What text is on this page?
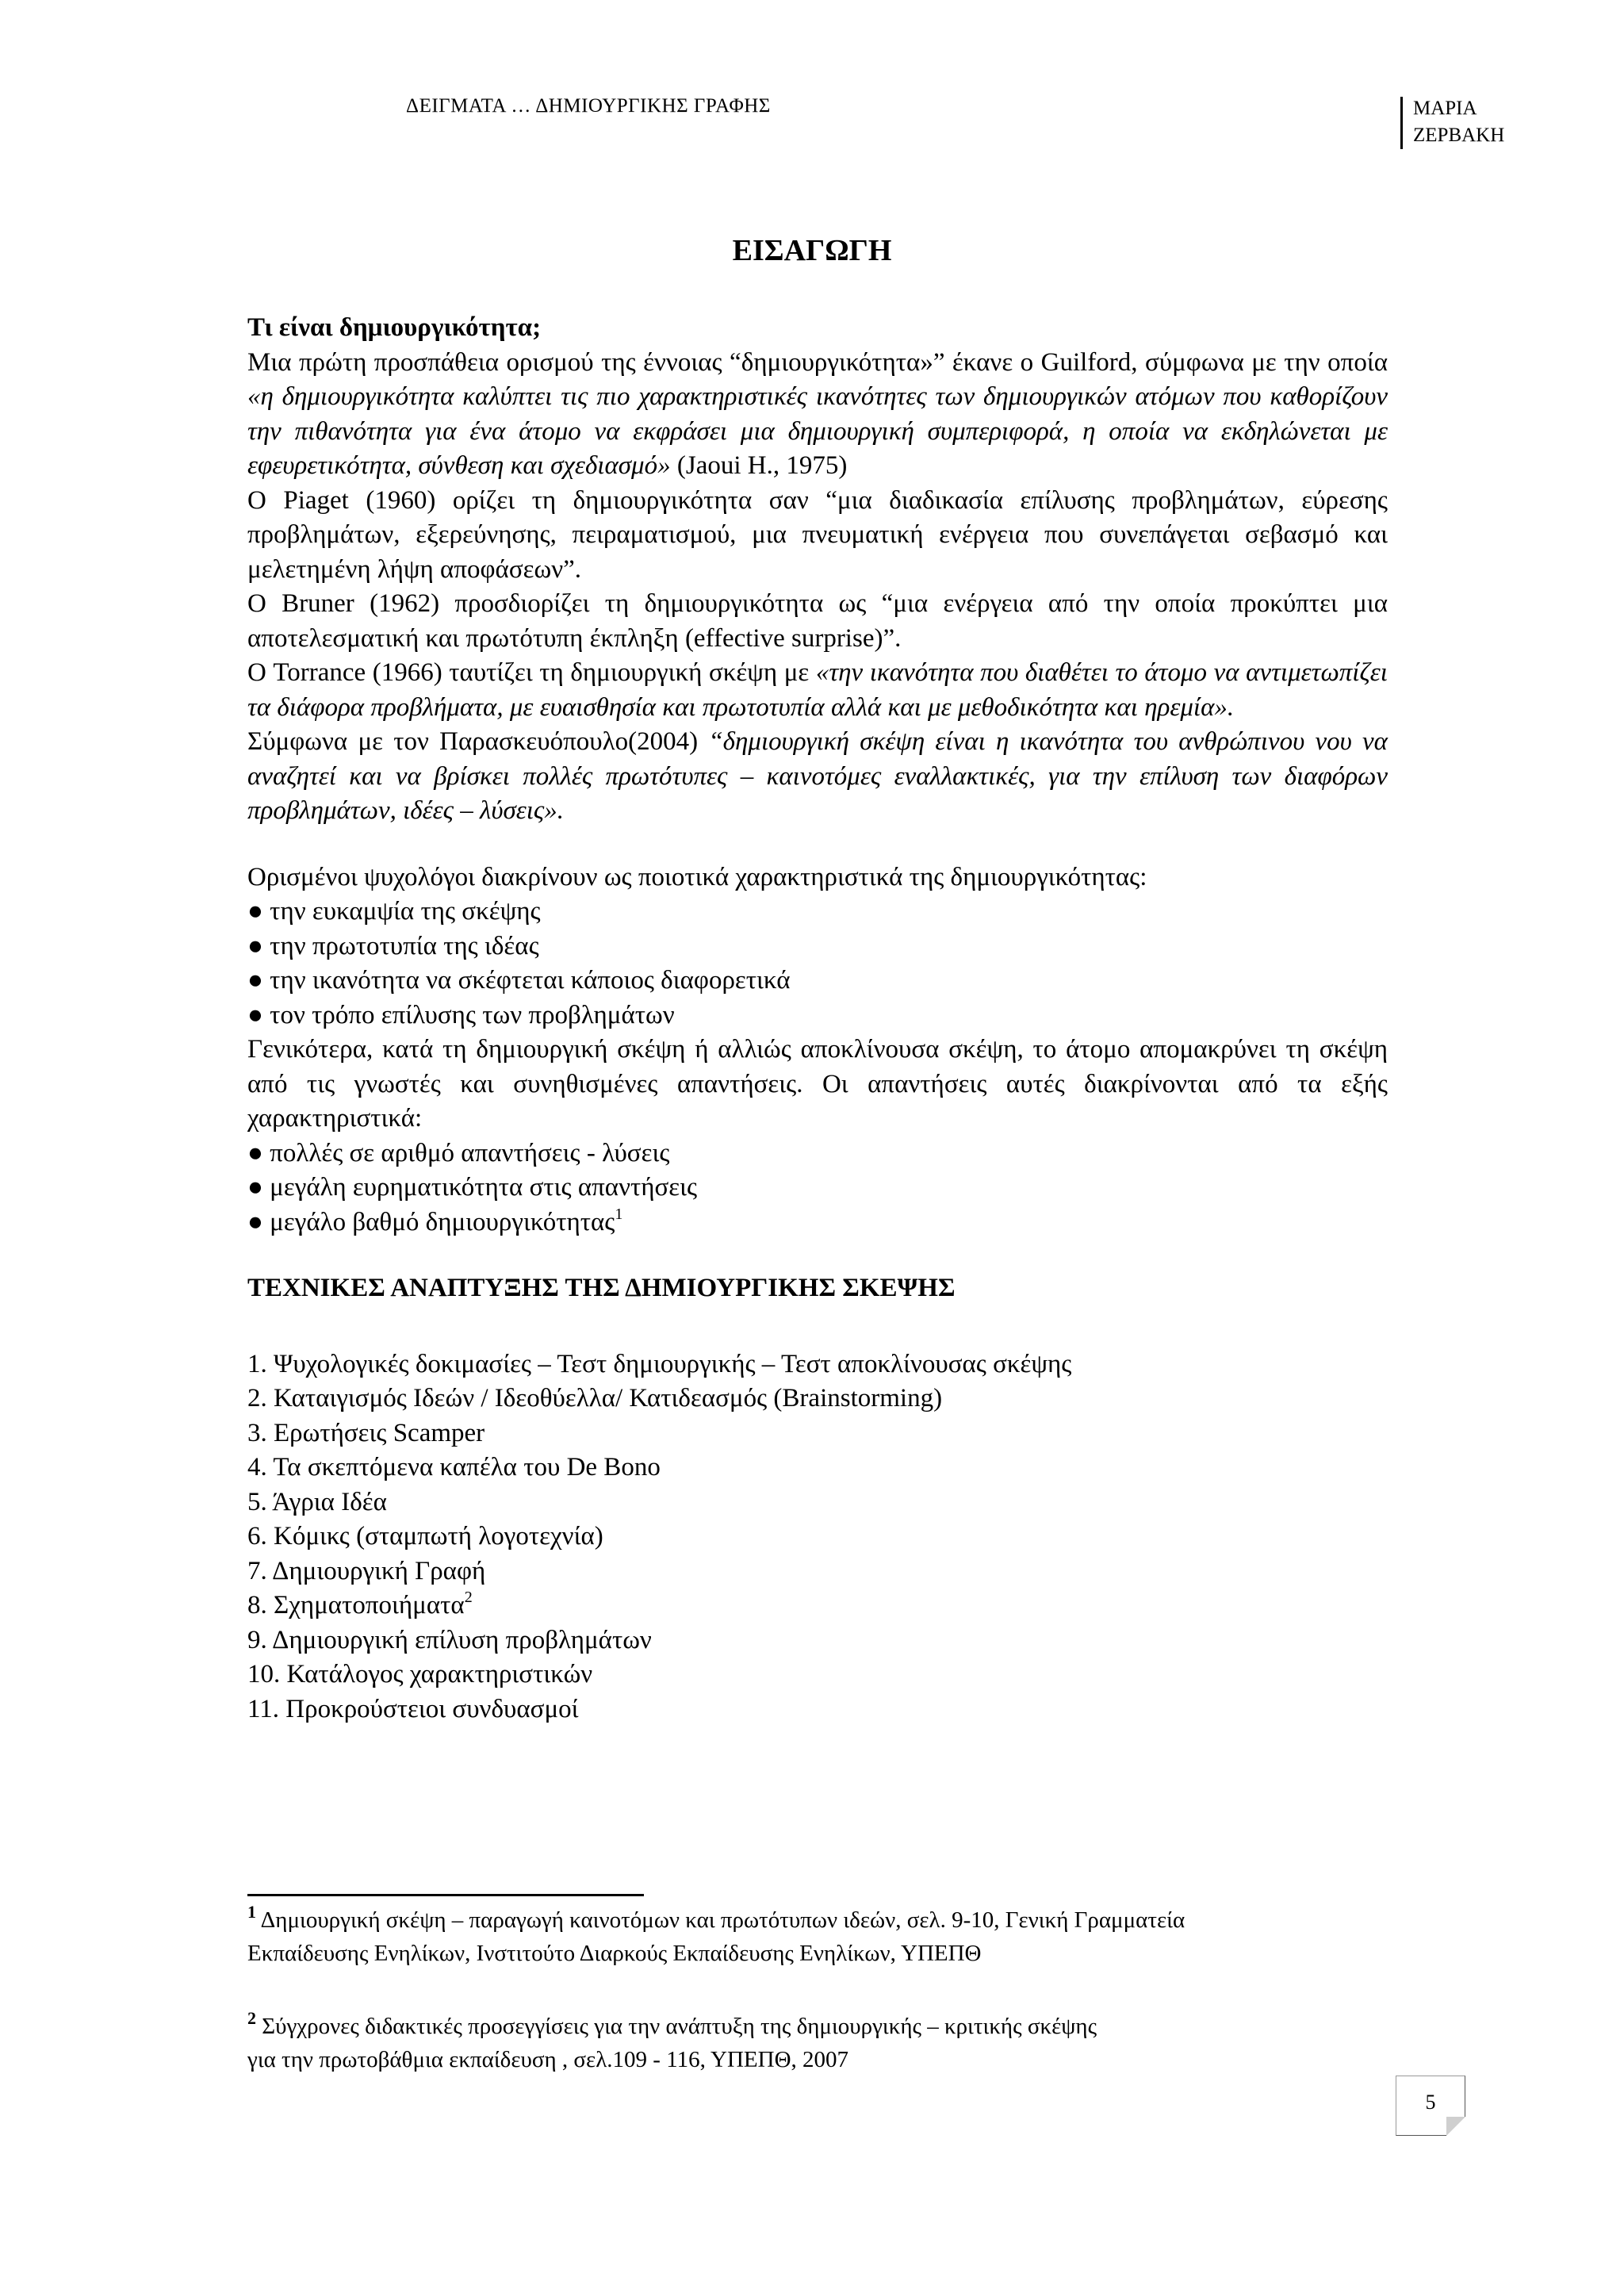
ΔΕΙΓΜΑΤΑ … ΔΗΜΙΟΥΡΓΙΚΗΣ ΓΡΑΦΗΣ	ΜΑΡΙΑ
ΖΕΡΒΑΚΗ
ΕΙΣΑΓΩΓΗ

Τι είναι δημιουργικότητα;

Μια πρώτη προσπάθεια ορισμού της έννοιας “δημιουργικότητα»” έκανε ο Guilford, σύμφωνα με την οποία «η δημιουργικότητα καλύπτει τις πιο χαρακτηριστικές ικανότητες των δημιουργικών ατόμων που καθορίζουν την πιθανότητα για ένα άτομο να εκφράσει μια δημιουργική συμπεριφορά, η οποία να εκδηλώνεται με εφευρετικότητα, σύνθεση και σχεδιασμό» (Jaoui H., 1975)

Ο Piaget (1960) ορίζει τη δημιουργικότητα σαν “μια διαδικασία επίλυσης προβλημάτων, εύρεσης προβλημάτων, εξερεύνησης, πειραματισμού, μια πνευματική ενέργεια που συνεπάγεται σεβασμό και μελετημένη λήψη αποφάσεων”.

Ο Bruner (1962) προσδιορίζει τη δημιουργικότητα ως “μια ενέργεια από την οποία προκύπτει μια αποτελεσματική και πρωτότυπη έκπληξη (effective surprise)”.

Ο Torrance (1966) ταυτίζει τη δημιουργική σκέψη με «την ικανότητα που διαθέτει το άτομο να αντιμετωπίζει τα διάφορα προβλήματα, με ευαισθησία και πρωτοτυπία αλλά και με μεθοδικότητα και ηρεμία».

Σύμφωνα με τον Παρασκευόπουλο(2004) “δημιουργική σκέψη είναι η ικανότητα του ανθρώπινου νου να αναζητεί και να βρίσκει πολλές πρωτότυπες – καινοτόμες εναλλακτικές, για την επίλυση των διαφόρων προβλημάτων, ιδέες – λύσεις».

Ορισμένοι ψυχολόγοι διακρίνουν ως ποιοτικά χαρακτηριστικά της δημιουργικότητας:

● την ευκαμψία της σκέψης

● την πρωτοτυπία της ιδέας

● την ικανότητα να σκέφτεται κάποιος διαφορετικά

● τον τρόπο επίλυσης των προβλημάτων

Γενικότερα, κατά τη δημιουργική σκέψη ή αλλιώς αποκλίνουσα σκέψη, το άτομο απομακρύνει τη σκέψη από τις γνωστές και συνηθισμένες απαντήσεις. Οι απαντήσεις αυτές διακρίνονται από τα εξής χαρακτηριστικά:

● πολλές σε αριθμό απαντήσεις - λύσεις

● μεγάλη ευρηματικότητα στις απαντήσεις

● μεγάλο βαθμό δημιουργικότητας$^1$

ΤΕΧΝΙΚΕΣ ΑΝΑΠΤΥΞΗΣ ΤΗΣ ΔΗΜΙΟΥΡΓΙΚΗΣ ΣΚΕΨΗΣ

1. Ψυχολογικές δοκιμασίες – Τεστ δημιουργικής – Τεστ αποκλίνουσας σκέψης

2. Καταιγισμός Ιδεών / Ιδεοθύελλα/ Κατιδεασμός (Brainstorming)

3. Ερωτήσεις Scamper

4. Τα σκεπτόμενα καπέλα του De Bono

5. Άγρια Ιδέα

6. Κόμικς (σταμπωτή λογοτεχνία)

7. Δημιουργική Γραφή

8. Σχηματοποιήματα$^2$

9. Δημιουργική επίλυση προβλημάτων

10. Κατάλογος χαρακτηριστικών

11. Προκρούστειοι συνδυασμοί

$^1$ Δημιουργική σκέψη – παραγωγή καινοτόμων και πρωτότυπων ιδεών, σελ. 9-10, Γενική Γραμματεία

Εκπαίδευσης Ενηλίκων, Ινστιτούτο Διαρκούς Εκπαίδευσης Ενηλίκων, ΥΠΕΠΘ

$^2$ Σύγχρονες διδακτικές προσεγγίσεις για την ανάπτυξη της δημιουργικής – κριτικής σκέψης

για την πρωτοβάθμια εκπαίδευση , σελ.109 - 116, ΥΠΕΠΘ, 2007

5
